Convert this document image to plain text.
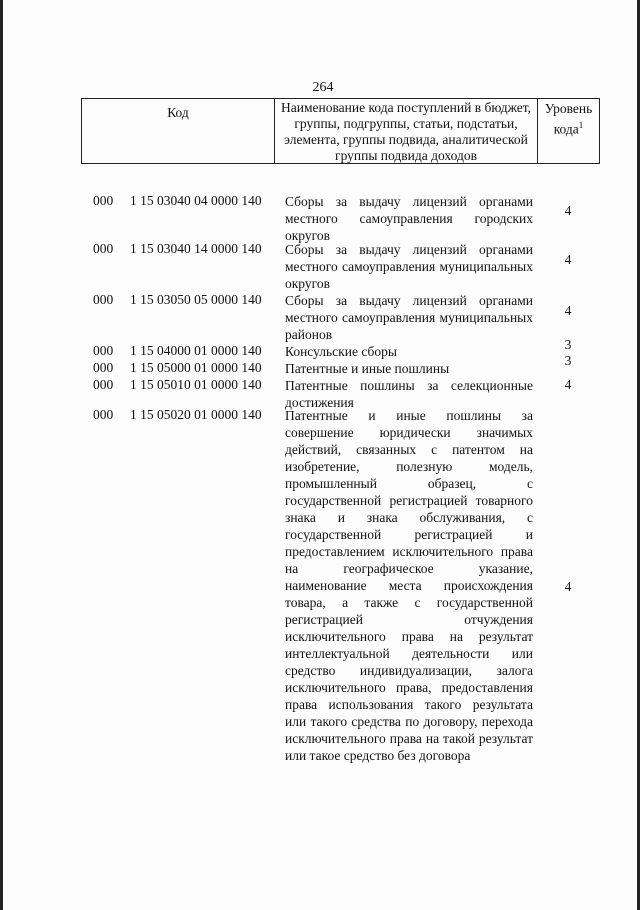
264
Код	Наименование кода поступлений в бюджет, группы, подгруппы, статьи, подстатьи, элемента, группы подвида, аналитической группы подвида доходов
Уровень кода$^1$
000 1 15 03040 04 0000 140 Сборы за выдачу лицензий органами местного самоуправления городских округов
4
000 1 15 03040 14 0000 140 Сборы за выдачу лицензий органами местного самоуправления муниципальных округов
4
000 1 15 03050 05 0000 140 Сборы за выдачу лицензий органами местного самоуправления муниципальных районов
4
000 1 15 04000 01 0000 140 Консульские сборы	3
000 1 15 05000 01 0000 140 Патентные и иные пошлины
3
000 1 15 05010 01 0000 140 Патентные пошлины за селекционные достижения
4
000 1 15 05020 01 0000 140 Патентные и иные пошлины за совершение юридически значимых действий, связанных с патентом на изобретение, полезную модель, промышленный образец, с государственной регистрацией товарного знака и знака обслуживания, с государственной регистрацией и предоставлением исключительного права на географическое указание, наименование места происхождения товара, а также с государственной регистрацией отчуждения исключительного права на результат интеллектуальной деятельности или средство индивидуализации, залога исключительного права, предоставления права использования такого результата или такого средства по договору, перехода исключительного права на такой результат или такое средство без договора
4
